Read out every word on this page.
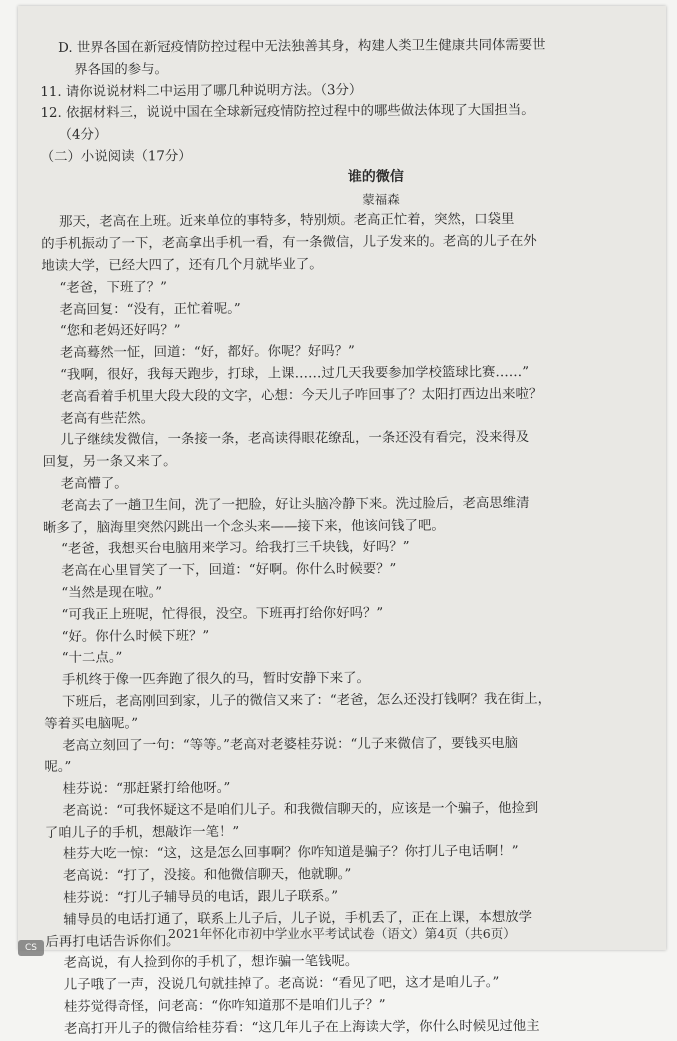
D. 世界各国在新冠疫情防控过程中无法独善其身，构建人类卫生健康共同体需要世
界各国的参与。
11. 请你说说材料二中运用了哪几种说明方法。（3分）
12. 依据材料三，说说中国在全球新冠疫情防控过程中的哪些做法体现了大国担当。
（4分）
（二）小说阅读（17分）
谁的微信
蒙福森
那天，老高在上班。近来单位的事特多，特别烦。老高正忙着，突然，口袋里
的手机振动了一下，老高拿出手机一看，有一条微信，儿子发来的。老高的儿子在外
地读大学，已经大四了，还有几个月就毕业了。
“老爸，下班了？”
老高回复：“没有，正忙着呢。”
“您和老妈还好吗？”
老高蓦然一怔，回道：“好，都好。你呢？好吗？”
“我啊，很好，我每天跑步，打球，上课……过几天我要参加学校篮球比赛……”
老高看着手机里大段大段的文字，心想：今天儿子咋回事了？太阳打西边出来啦？
老高有些茫然。
儿子继续发微信，一条接一条，老高读得眼花缭乱，一条还没有看完，没来得及
回复，另一条又来了。
老高懵了。
老高去了一趟卫生间，洗了一把脸，好让头脑冷静下来。洗过脸后，老高思维清
晰多了，脑海里突然闪跳出一个念头来——接下来，他该问钱了吧。
“老爸，我想买台电脑用来学习。给我打三千块钱，好吗？”
老高在心里冒笑了一下，回道：“好啊。你什么时候要？”
“当然是现在啦。”
“可我正上班呢，忙得很，没空。下班再打给你好吗？”
“好。你什么时候下班？”
“十二点。”
手机终于像一匹奔跑了很久的马，暂时安静下来了。
下班后，老高刚回到家，儿子的微信又来了：“老爸，怎么还没打钱啊？我在街上，
等着买电脑呢。”
老高立刻回了一句：“等等。”老高对老婆桂芬说：“儿子来微信了，要钱买电脑
呢。”
桂芬说：“那赶紧打给他呀。”
老高说：“可我怀疑这不是咱们儿子。和我微信聊天的，应该是一个骗子，他捡到
了咱儿子的手机，想敲诈一笔！”
桂芬大吃一惊：“这，这是怎么回事啊？你咋知道是骗子？你打儿子电话啊！”
老高说：“打了，没接。和他微信聊天，他就聊。”
桂芬说：“打儿子辅导员的电话，跟儿子联系。”
辅导员的电话打通了，联系上儿子后，儿子说，手机丢了，正在上课，本想放学
后再打电话告诉你们。
老高说，有人捡到你的手机了，想诈骗一笔钱呢。
儿子哦了一声，没说几句就挂掉了。老高说：“看见了吧，这才是咱儿子。”
桂芬觉得奇怪，问老高：“你咋知道那不是咱们儿子？”
老高打开儿子的微信给桂芬看：“这几年儿子在上海读大学，你什么时候见过他主
2021年怀化市初中学业水平考试试卷（语文）第4页（共6页）
CS
